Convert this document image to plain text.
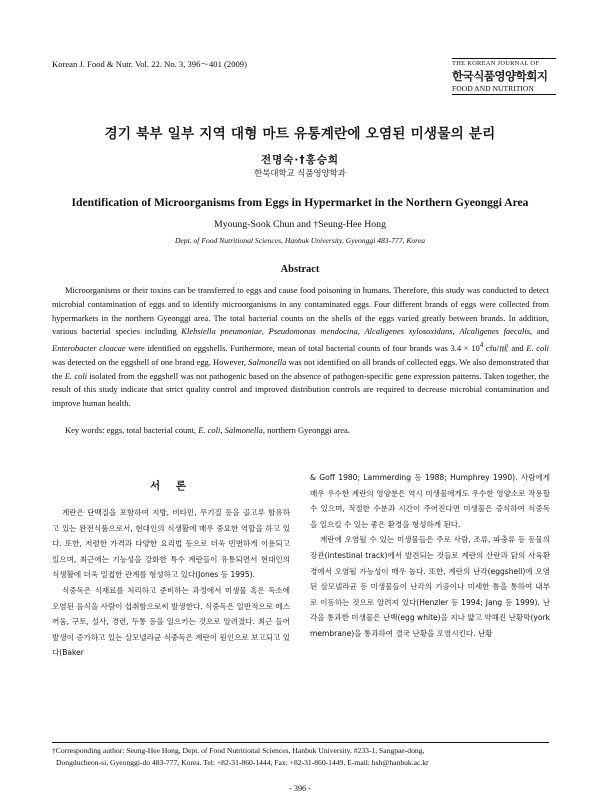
Korean J. Food & Nutr. Vol. 22. No. 3, 396～401 (2009)	THE KOREAN JOURNAL OF
한국식품영양학회지
FOOD AND NUTRITION
경기 북부 일부 지역 대형 마트 유통계란에 오염된 미생물의 분리
전명숙·†홍승희
한북대학교 식품영양학과
Identification of Microorganisms from Eggs in Hypermarket in the Northern Gyeonggi Area
Myoung-Sook Chun and †Seung-Hee Hong
Dept. of Food Nutritional Sciences, Hanbuk University, Gyeonggi 483-777, Korea
Abstract

Microorganisms or their toxins can be transferred to eggs and cause food poisoning in humans. Therefore, this study was conducted to detect microbial contamination of eggs and to identify microorganisms in any contaminated eggs. Four different brands of eggs were collected from hypermarkets in the northern Gyeonggi area. The total bacterial counts on the shells of the eggs varied greatly between brands. In addition, various bacterial species including Klebsiella pneumoniae, Pseudomonas mendocina, Alcaligenes xylosoxidans, Alcaligenes faecalis, and Enterobacter cloacae were identified on eggshells. Furthermore, mean of total bacterial counts of four brands was $3.4 \times 10^4$ cfu/㎖ and E. coli was detected on the eggshell of one brand egg. However, Salmonella was not identified on all brands of collected eggs. We also demonstrated that the E. coli isolated from the eggshell was not pathogenic based on the absence of pathogen-specific gene expression patterns. Taken together, the result of this study indicate that strict quality control and improved distribution controls are required to decrease microbial contamination and improve human health.

Key words: eggs, total bacterial count, E. coli, Salmonella, northern Gyeonggi area.
서 론

계란은 단백질을 포함하여 지방, 비타민, 무기질 등을 골고루 함유하고 있는 완전식품으로서, 현대인의 식생활에 매우 중요한 역할을 하고 있다. 또한, 저렴한 가격과 다양한 요리법 등으로 더욱 빈번하게 이용되고 있으며, 최근에는 기능성을 강화한 특수 계란들이 유통되면서 현대인의 식생활에 더욱 밀접한 관계를 형성하고 있다(Jones 등 1995).

식중독은 식재료를 처리하고 준비하는 과정에서 미생물 혹은 독소에 오염된 음식을 사람이 섭취함으로써 발생한다. 식중독은 일반적으로 메스꺼움, 구토, 설사, 경련, 두통 등을 일으키는 것으로 알려졌다. 최근 들어 발생이 증가하고 있는 살모넬라균 식중독은 계란이 원인으로 보고되고 있다(Baker

& Goff 1980; Lammerding 등 1988; Humphrey 1990). 사람에게 매우 우수한 계란의 영양분은 역시 미생물에게도 우수한 영양소로 작용할 수 있으며, 적절한 수분과 시간이 주어진다면 미생물은 증식하여 식중독을 일으킬 수 있는 좋은 환경을 형성하게 된다.

계란에 오염될 수 있는 미생물들은 주로 사람, 조류, 파충류 등 동물의 장관(intestinal track)에서 발견되는 것들로 계란의 산란과 닭의 사육환경에서 오염될 가능성이 매우 높다. 또한, 계란의 난각(eggshell)에 오염된 살모넬라균 등 미생물들이 난각의 기공이나 미세한 틈을 통하여 내부로 이동하는 것으로 알려져 있다(Henzler 등 1994; Jang 등 1999). 난각을 통과한 미생물은 난백(egg white)을 지나 얇고 약해진 난황막(york membrane)을 통과하여 결국 난황을 오염시킨다. 난황

†Corresponding author: Seung-Hee Hong, Dept. of Food Nutritional Sciences, Hanbuk University, #233-1, Sangpae-dong,
Dongducheon-si, Gyeonggi-do 483-777, Korea. Tel: +82-31-860-1444, Fax: +82-31-860-1449, E-mail: hsh@hanbuk.ac.kr
- 396 -
